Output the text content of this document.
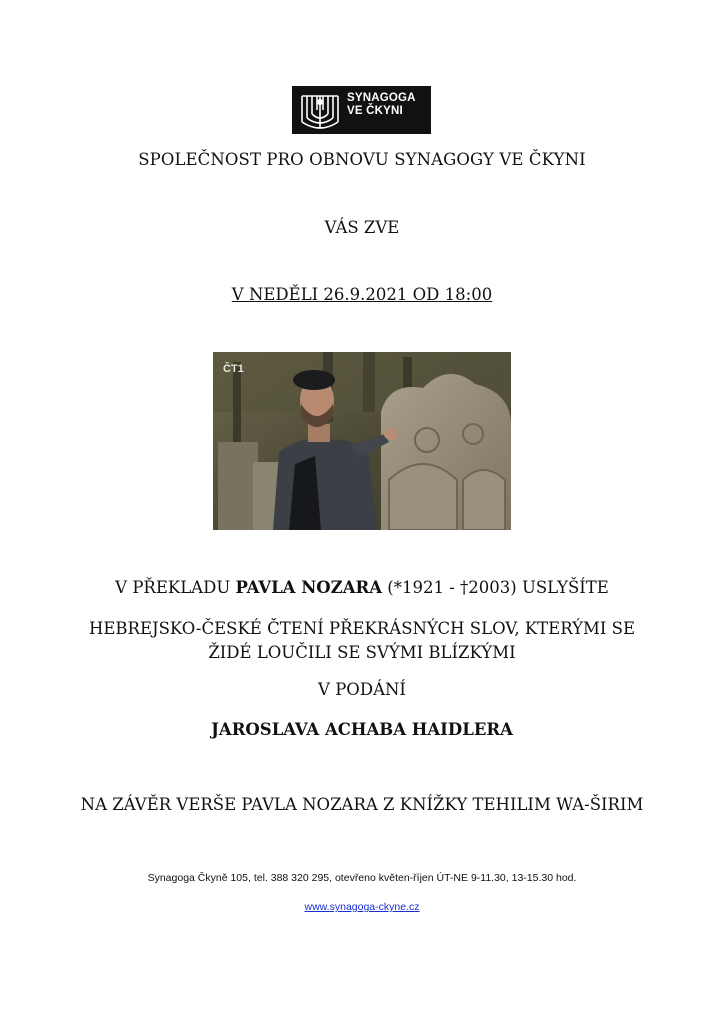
SYNAGOGA
VE ČKYNI
SPOLEČNOST PRO OBNOVU SYNAGOGY VE ČKYNI
VÁS ZVE
V NEDĚLI 26.9.2021 OD 18:00
ČT1
V PŘEKLADU PAVLA NOZARA (*1921 - †2003) USLYŠÍTE
HEBREJSKO-ČESKÉ ČTENÍ PŘEKRÁSNÝCH SLOV, KTERÝMI SE
ŽIDÉ LOUČILI SE SVÝMI BLÍZKÝMI
V PODÁNÍ
JAROSLAVA ACHABA HAIDLERA
NA ZÁVĚR VERŠE PAVLA NOZARA Z KNÍŽKY TEHILIM WA-ŠIRIM
Synagoga Čkyně 105, tel. 388 320 295, otevřeno květen-říjen ÚT-NE 9-11.30, 13-15.30 hod.
www.synagoga-ckyne.cz
